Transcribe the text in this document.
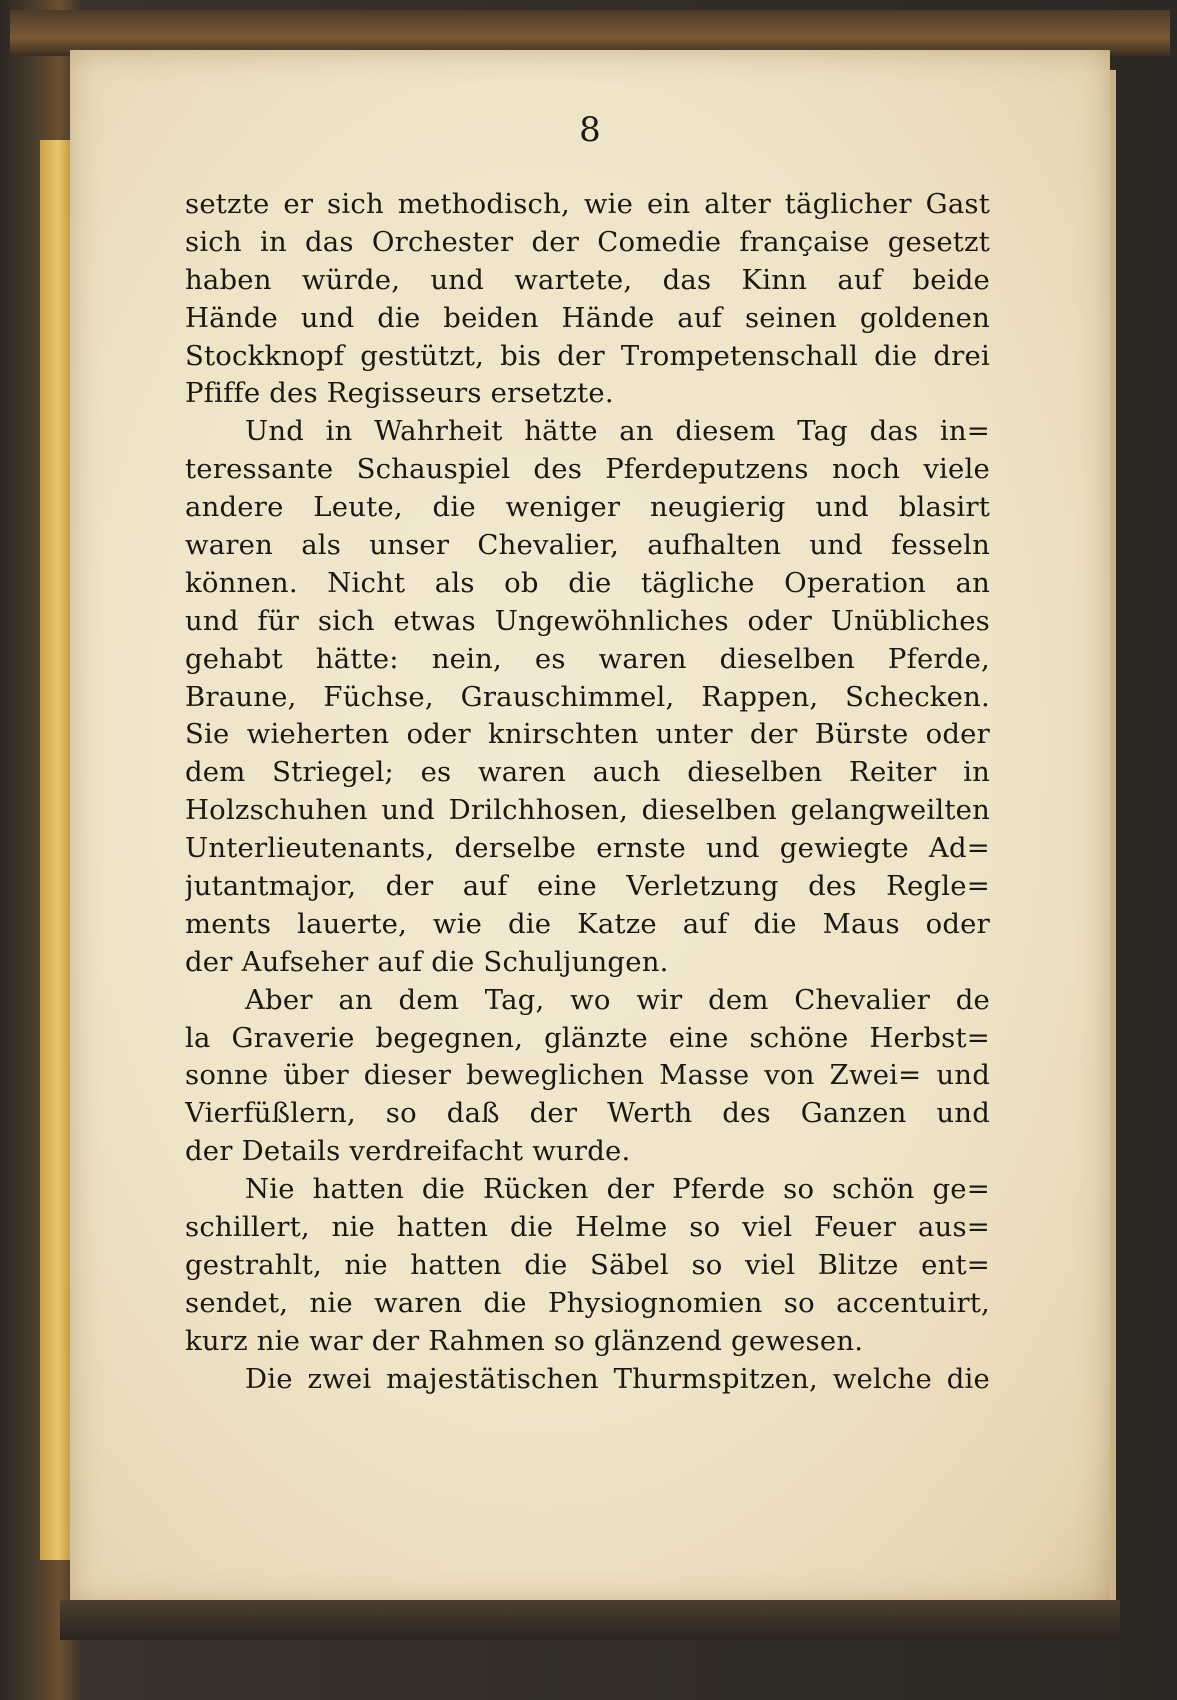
8
setzte er sich methodisch, wie ein alter täglicher Gast
sich in das Orchester der Comedie française gesetzt
haben würde, und wartete, das Kinn auf beide
Hände und die beiden Hände auf seinen goldenen
Stockknopf gestützt, bis der Trompetenschall die drei
Pfiffe des Regisseurs ersetzte.
Und in Wahrheit hätte an diesem Tag das in=
teressante Schauspiel des Pferdeputzens noch viele
andere Leute, die weniger neugierig und blasirt
waren als unser Chevalier, aufhalten und fesseln
können. Nicht als ob die tägliche Operation an
und für sich etwas Ungewöhnliches oder Unübliches
gehabt hätte: nein, es waren dieselben Pferde,
Braune, Füchse, Grauschimmel, Rappen, Schecken.
Sie wieherten oder knirschten unter der Bürste oder
dem Striegel; es waren auch dieselben Reiter in
Holzschuhen und Drilchhosen, dieselben gelangweilten
Unterlieutenants, derselbe ernste und gewiegte Ad=
jutantmajor, der auf eine Verletzung des Regle=
ments lauerte, wie die Katze auf die Maus oder
der Aufseher auf die Schuljungen.
Aber an dem Tag, wo wir dem Chevalier de
la Graverie begegnen, glänzte eine schöne Herbst=
sonne über dieser beweglichen Masse von Zwei= und
Vierfüßlern, so daß der Werth des Ganzen und
der Details verdreifacht wurde.
Nie hatten die Rücken der Pferde so schön ge=
schillert, nie hatten die Helme so viel Feuer aus=
gestrahlt, nie hatten die Säbel so viel Blitze ent=
sendet, nie waren die Physiognomien so accentuirt,
kurz nie war der Rahmen so glänzend gewesen.
Die zwei majestätischen Thurmspitzen, welche die
